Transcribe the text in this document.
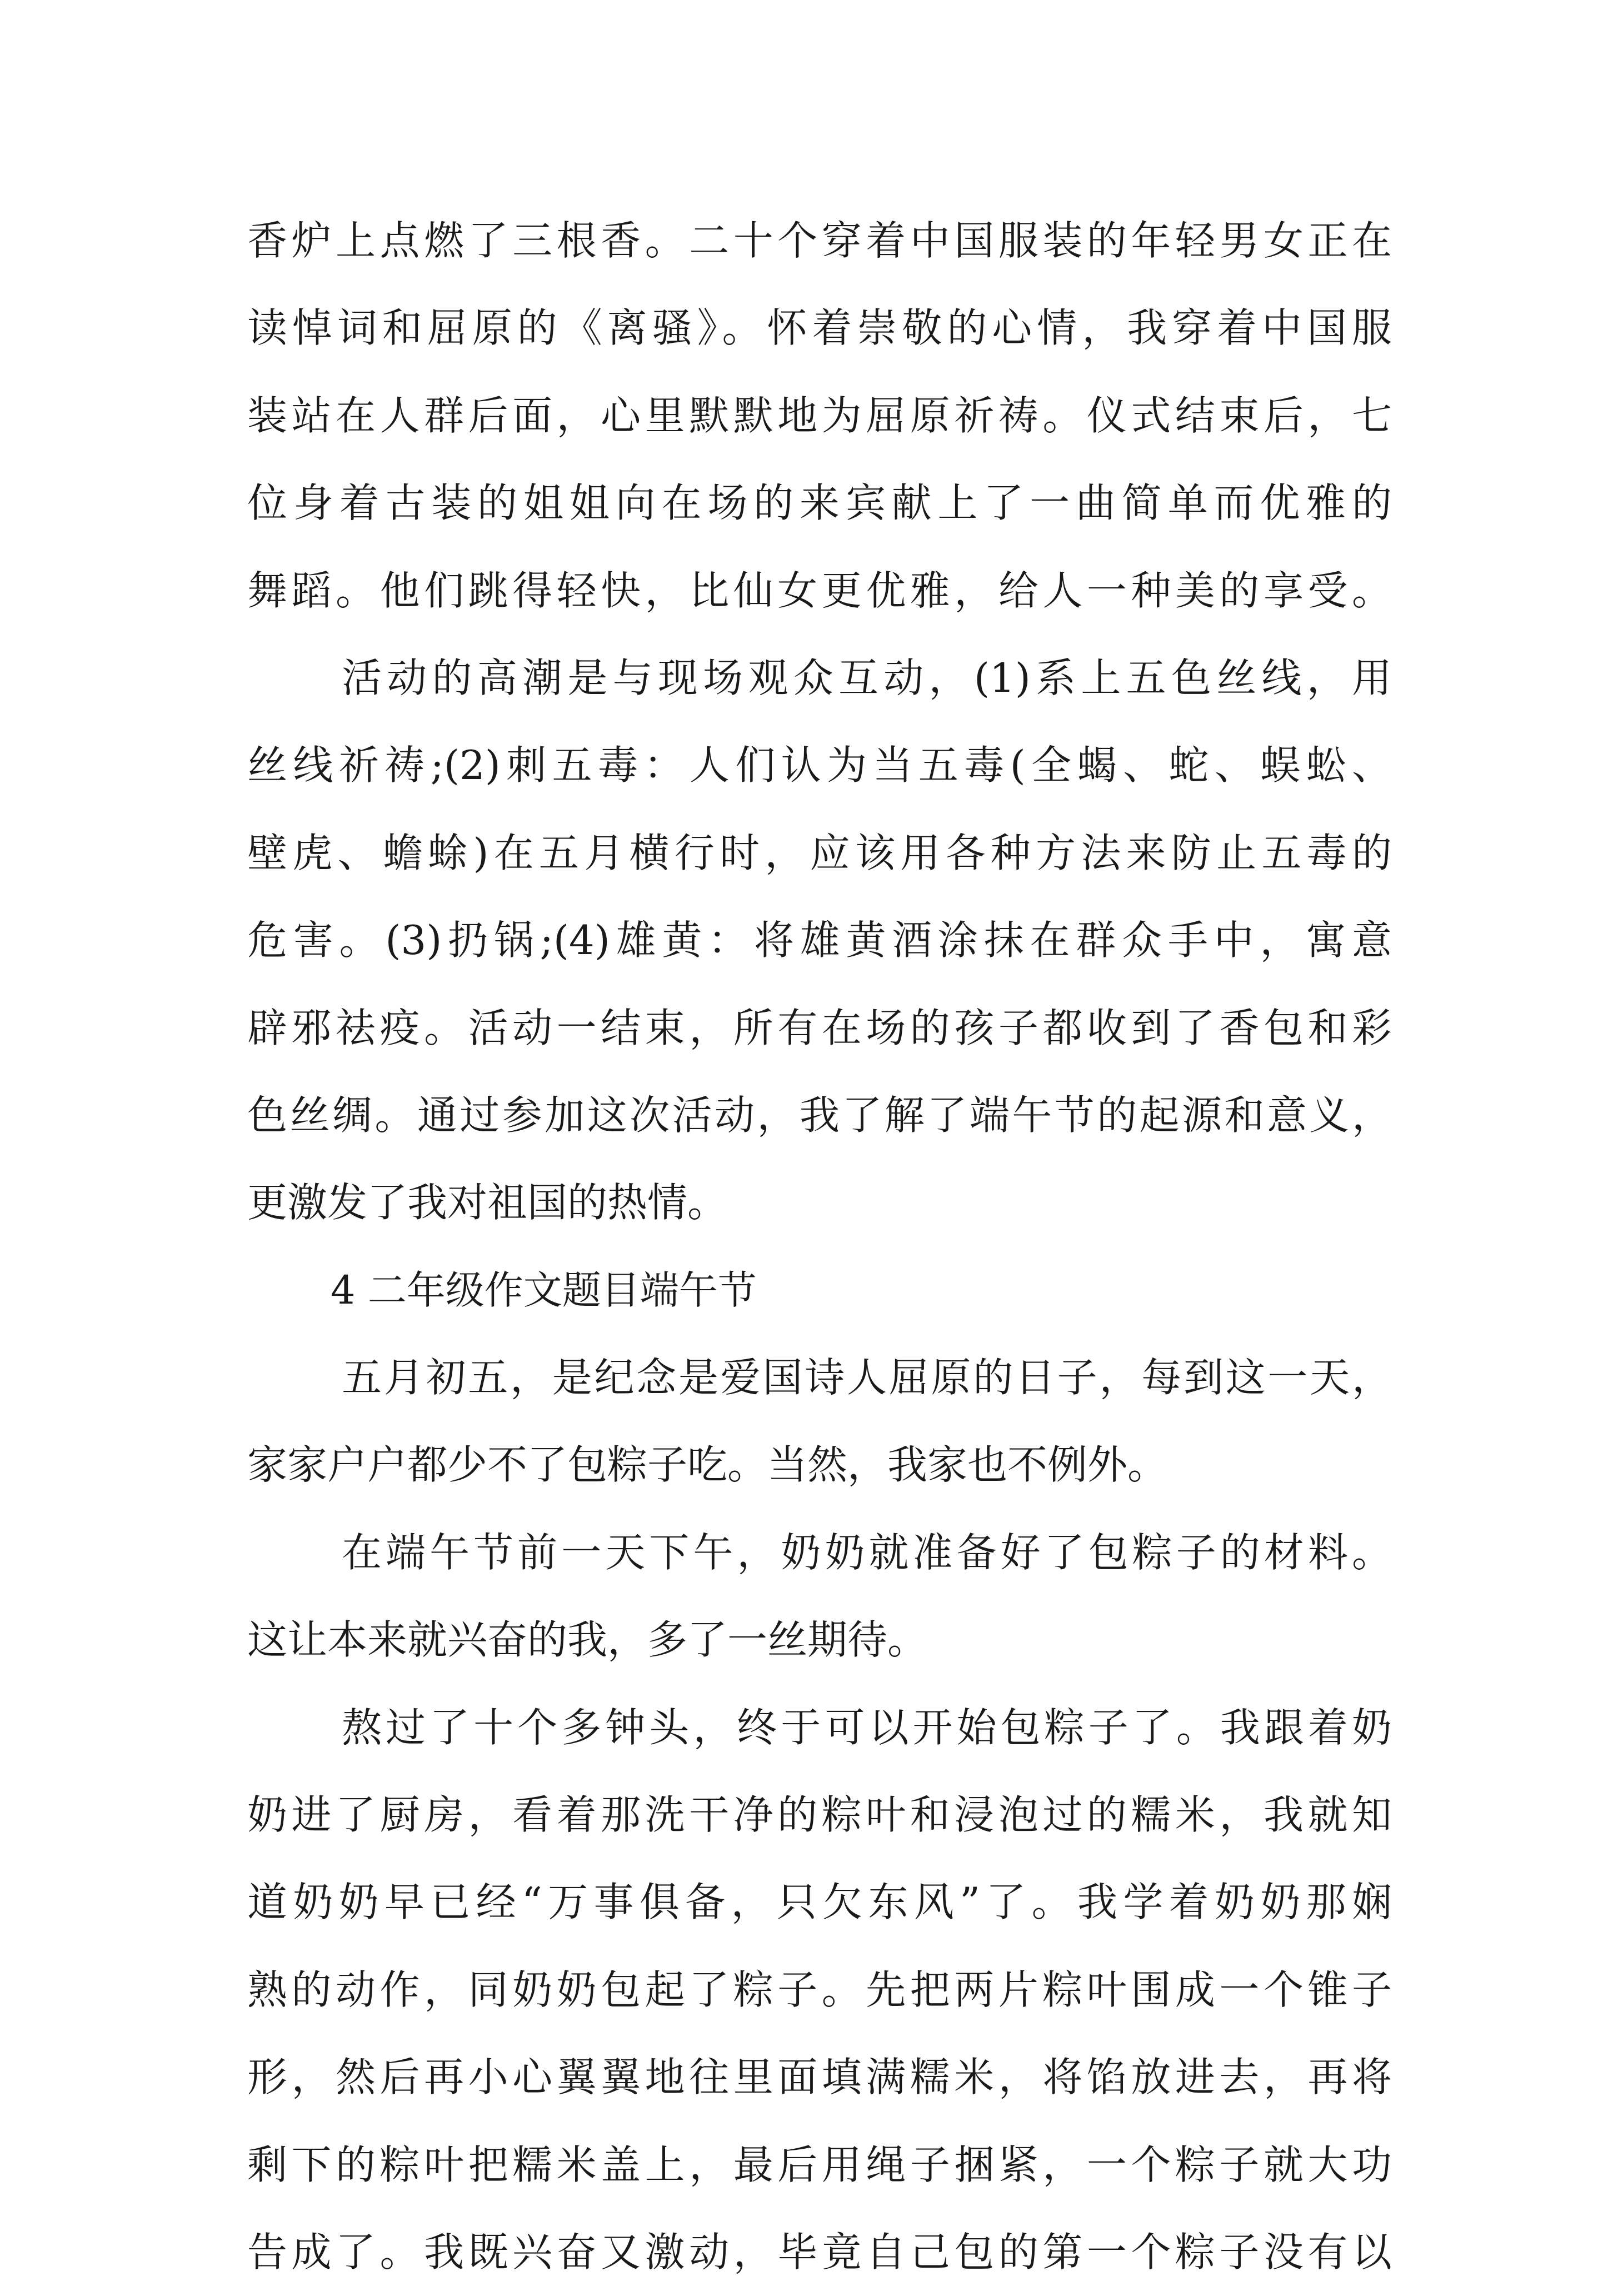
香炉上点燃了三根香。二十个穿着中国服装的年轻男女正在
读悼词和屈原的《离骚》。怀着崇敬的心情，我穿着中国服
装站在人群后面，心里默默地为屈原祈祷。仪式结束后，七
位身着古装的姐姐向在场的来宾献上了一曲简单而优雅的
舞蹈。他们跳得轻快，比仙女更优雅，给人一种美的享受。
活动的高潮是与现场观众互动，(1)系上五色丝线，用
丝线祈祷;(2)刺五毒：人们认为当五毒(全蝎、蛇、蜈蚣、
壁虎、蟾蜍)在五月横行时，应该用各种方法来防止五毒的
危害。(3)扔锅;(4)雄黄：将雄黄酒涂抹在群众手中，寓意
辟邪祛疫。活动一结束，所有在场的孩子都收到了香包和彩
色丝绸。通过参加这次活动，我了解了端午节的起源和意义，
更激发了我对祖国的热情。
4 二年级作文题目端午节
五月初五，是纪念是爱国诗人屈原的日子，每到这一天，
家家户户都少不了包粽子吃。当然，我家也不例外。
在端午节前一天下午，奶奶就准备好了包粽子的材料。
这让本来就兴奋的我，多了一丝期待。
熬过了十个多钟头，终于可以开始包粽子了。我跟着奶
奶进了厨房，看着那洗干净的粽叶和浸泡过的糯米，我就知
道奶奶早已经“万事俱备，只欠东风”了。我学着奶奶那娴
熟的动作，同奶奶包起了粽子。先把两片粽叶围成一个锥子
形，然后再小心翼翼地往里面填满糯米，将馅放进去，再将
剩下的粽叶把糯米盖上，最后用绳子捆紧，一个粽子就大功
告成了。我既兴奋又激动，毕竟自己包的第一个粽子没有以
